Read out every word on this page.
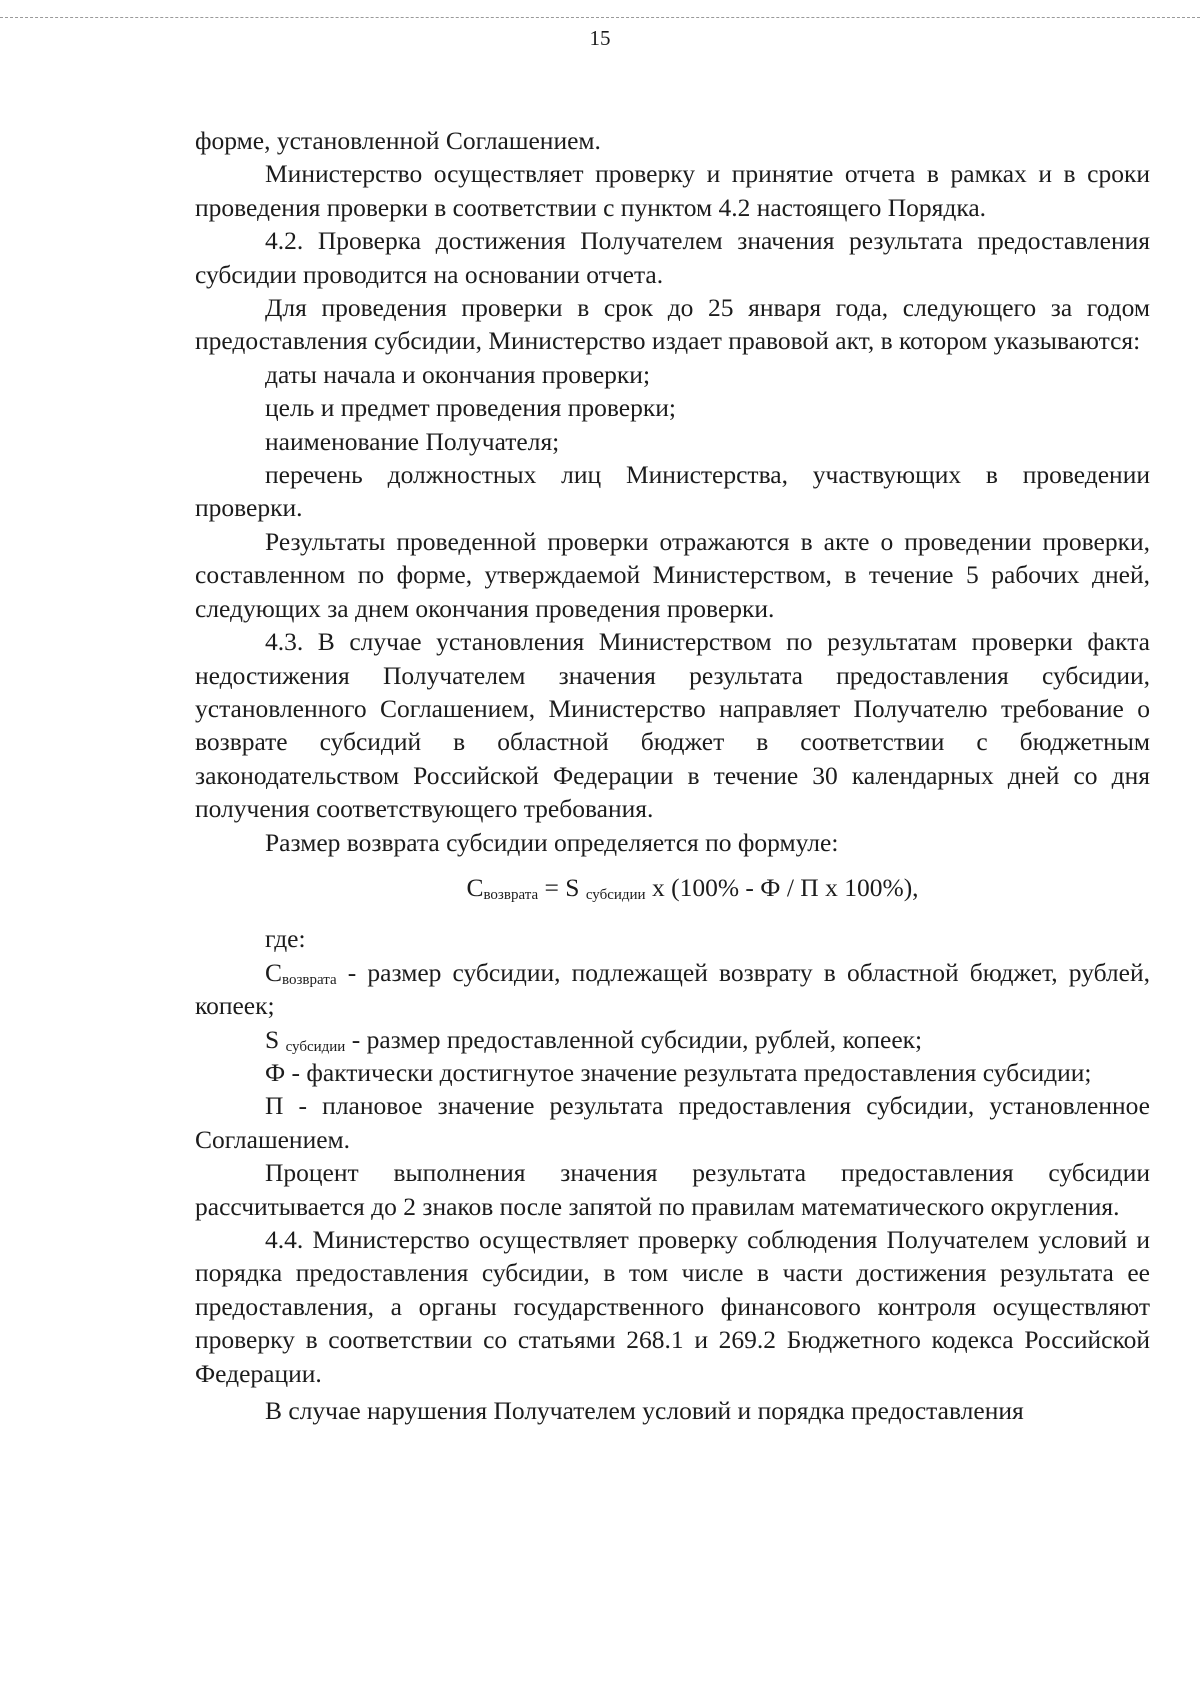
15

форме, установленной Соглашением.

Министерство осуществляет проверку и принятие отчета в рамках и в сроки проведения проверки в соответствии с пунктом 4.2 настоящего Порядка.

4.2. Проверка достижения Получателем значения результата предоставления субсидии проводится на основании отчета.

Для проведения проверки в срок до 25 января года, следующего за годом предоставления субсидии, Министерство издает правовой акт, в котором указываются:

даты начала и окончания проверки;

цель и предмет проведения проверки;

наименование Получателя;

перечень должностных лиц Министерства, участвующих в проведении проверки.

Результаты проведенной проверки отражаются в акте о проведении проверки, составленном по форме, утверждаемой Министерством, в течение 5 рабочих дней, следующих за днем окончания проведения проверки.

4.3. В случае установления Министерством по результатам проверки факта недостижения Получателем значения результата предоставления субсидии, установленного Соглашением, Министерство направляет Получателю требование о возврате субсидий в областной бюджет в соответствии с бюджетным законодательством Российской Федерации в течение 30 календарных дней со дня получения соответствующего требования.

Размер возврата субсидии определяется по формуле:

$С_{возврата} = S$ $_{субсидии}$ x (100% - Ф / П x 100%),

где:

$С_{возврата}$ - размер субсидии, подлежащей возврату в областной бюджет, рублей, копеек;

S $_{субсидии}$ - размер предоставленной субсидии, рублей, копеек;

Ф - фактически достигнутое значение результата предоставления субсидии;

П - плановое значение результата предоставления субсидии, установленное Соглашением.

Процент выполнения значения результата предоставления субсидии рассчитывается до 2 знаков после запятой по правилам математического округления.

4.4. Министерство осуществляет проверку соблюдения Получателем условий и порядка предоставления субсидии, в том числе в части достижения результата ее предоставления, а органы государственного финансового контроля осуществляют проверку в соответствии со статьями 268.1 и 269.2 Бюджетного кодекса Российской Федерации.

В случае нарушения Получателем условий и порядка предоставления
